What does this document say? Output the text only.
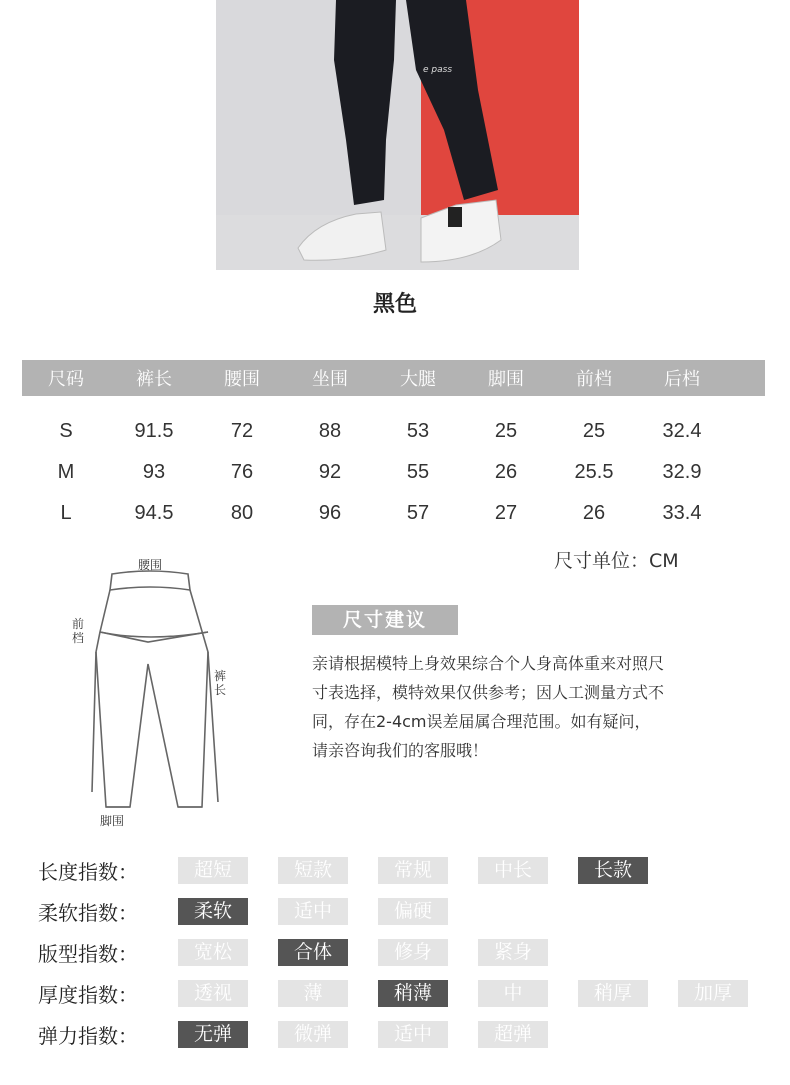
e pass
黑色
尺码	裤长	腰围	坐围	大腿	脚围	前档	后档
S	91.5	72	88	53	25	25	32.4
M	93	76	92	55	26	25.5	32.9
L	94.5	80	96	57	27	26	33.4
尺寸单位：CM
腰围
前 档
裤 长
脚围
尺寸建议
亲请根据模特上身效果综合个人身高体重来对照尺
寸表选择，模特效果仅供参考；因人工测量方式不
同，存在2-4cm误差届属合理范围。如有疑问，
请亲咨询我们的客服哦！
长度指数：	超短	短款	常规	中长	长款
柔软指数：	柔软	适中	偏硬
版型指数：	宽松	合体	修身	紧身
厚度指数：	透视	薄	稍薄	中	稍厚	加厚
弹力指数：	无弹	微弹	适中	超弹
